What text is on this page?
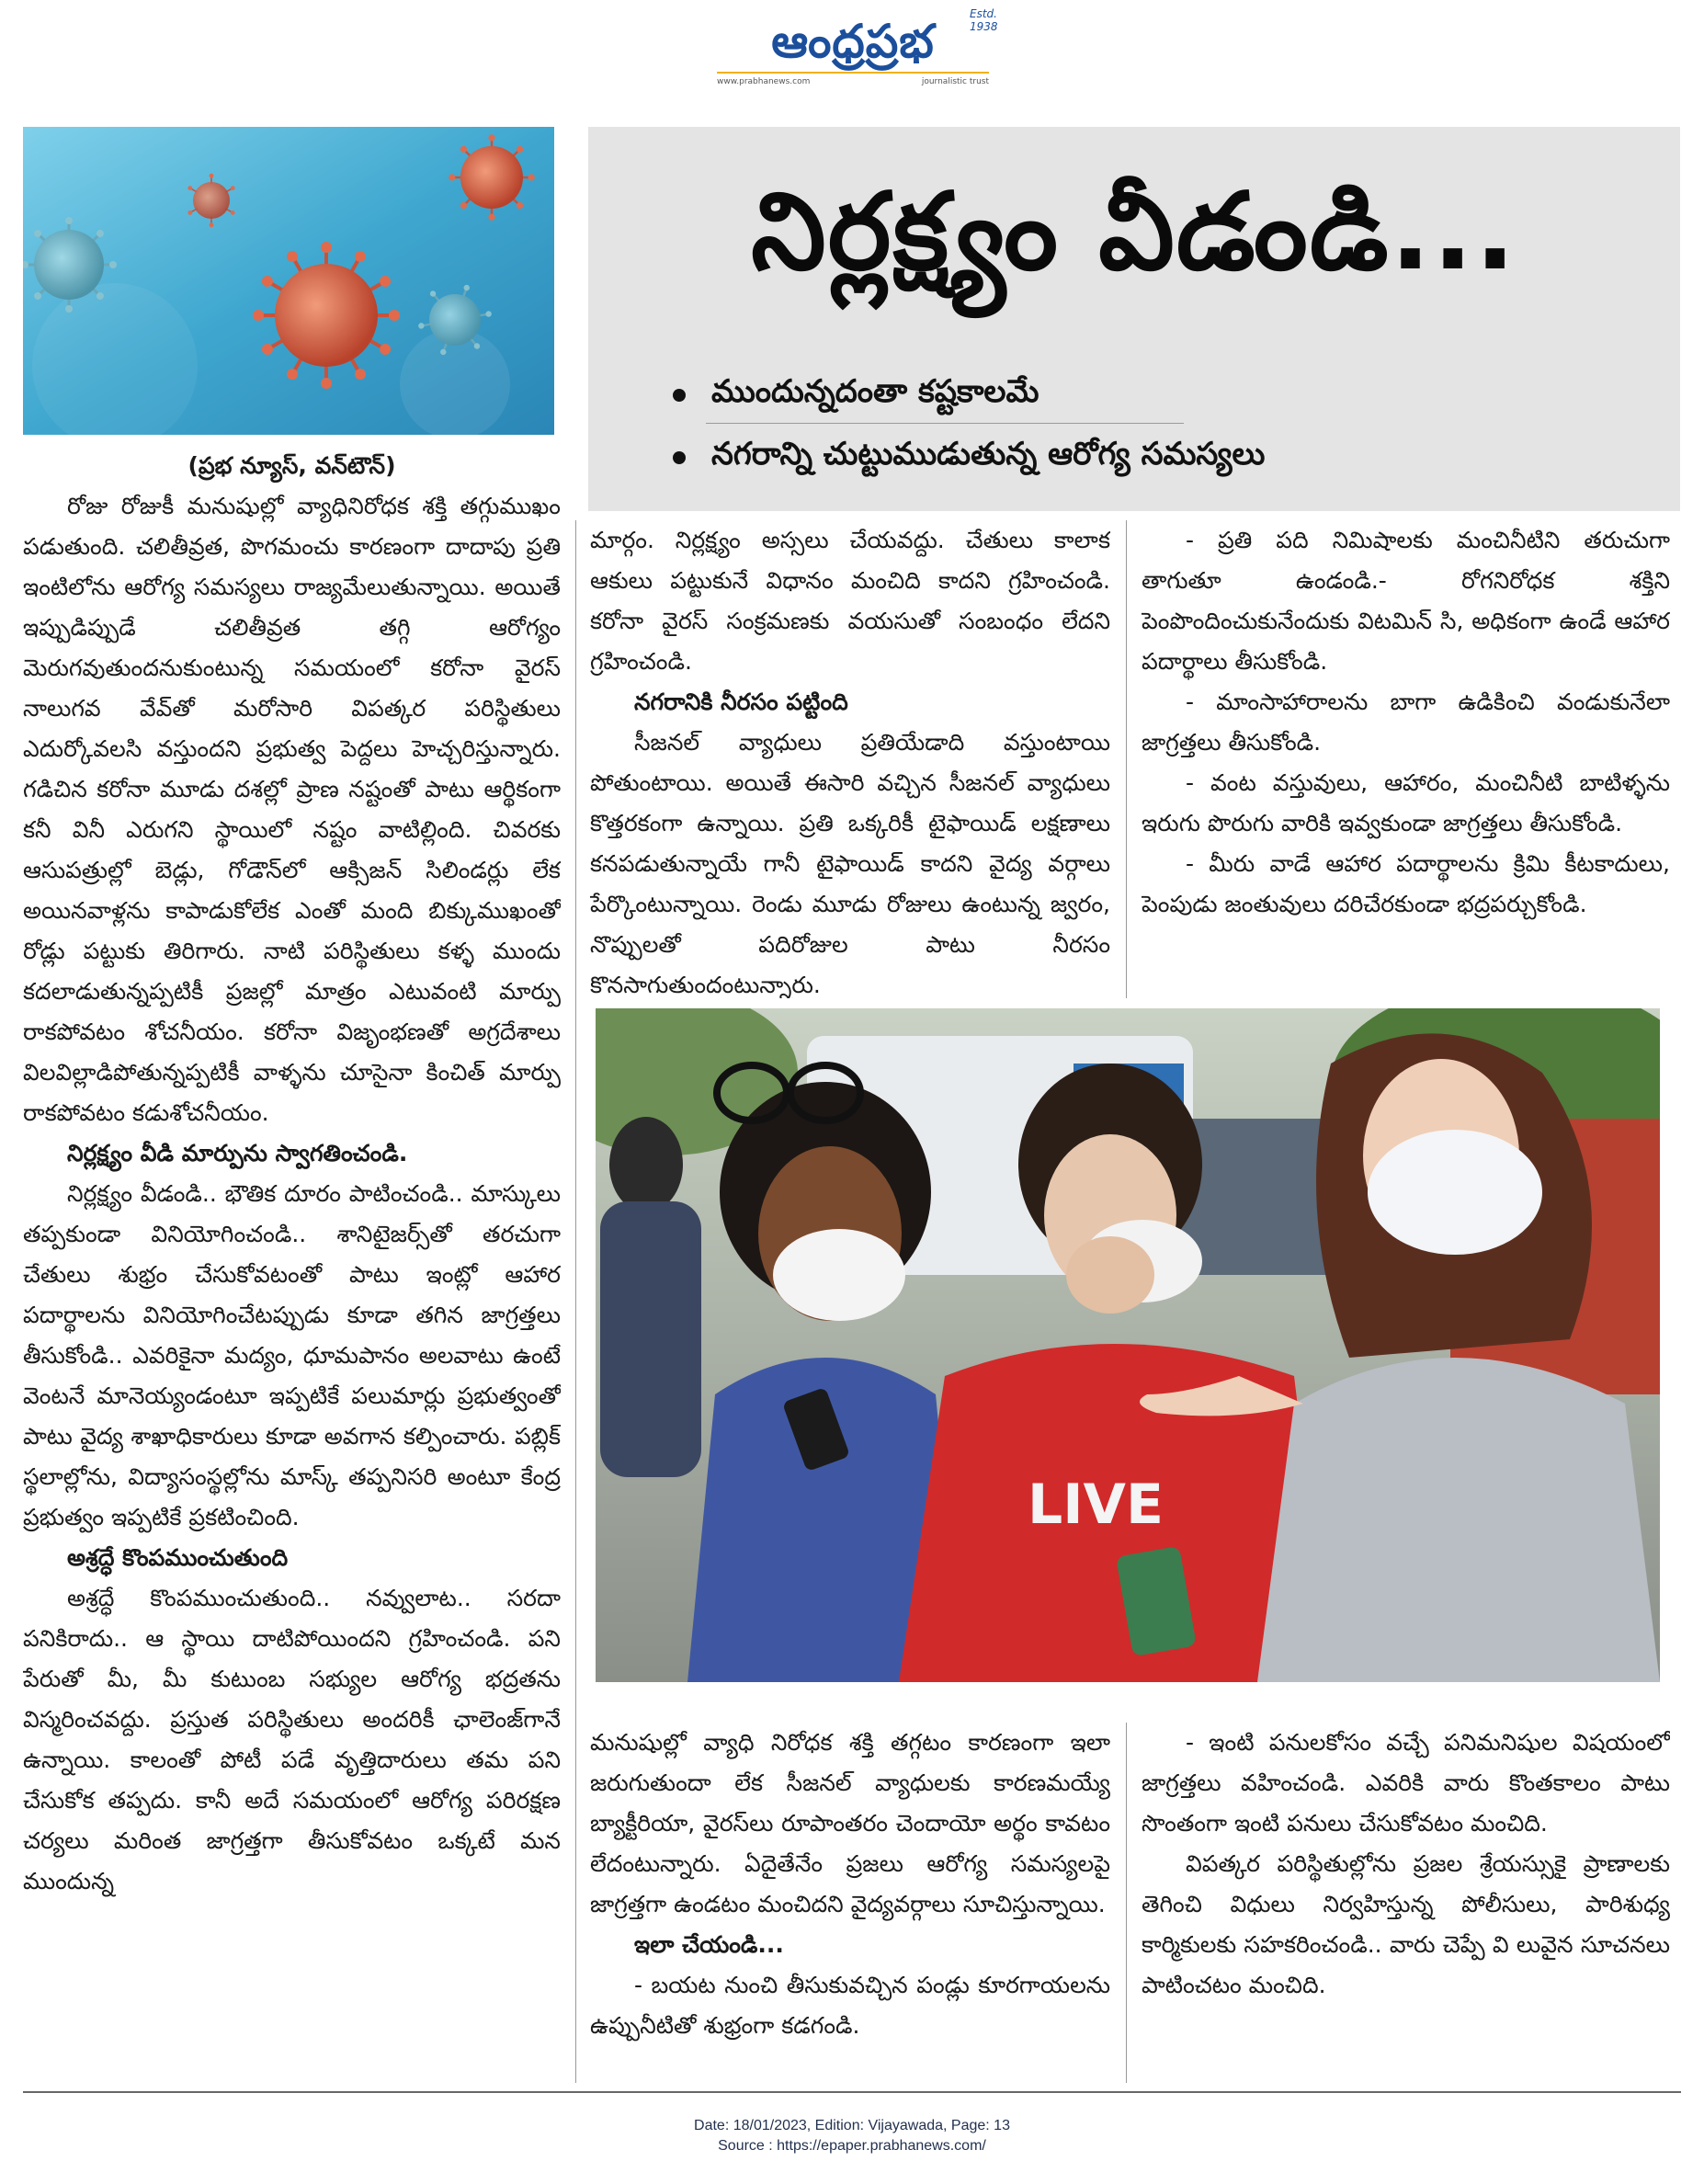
ఆంధ్రప్రభ
Estd. 1938
www.prabhanews.com	journalistic trust
నిర్లక్ష్యం వీడండి...
ముందున్నదంతా కష్టకాలమే
నగరాన్ని చుట్టుముడుతున్న ఆరోగ్య సమస్యలు

(ప్రభ న్యూస్, వన్‌టౌన్)

రోజు రోజుకీ మనుషుల్లో వ్యాధినిరోధక శక్తి తగ్గుముఖం పడుతుంది. చలితీవ్రత, పొగమంచు కారణంగా దాదాపు ప్రతి ఇంటిలోను ఆరోగ్య సమస్యలు రాజ్యమేలుతున్నాయి. అయితే ఇప్పుడిప్పుడే చలితీవ్రత తగ్గి ఆరోగ్యం మెరుగవుతుందనుకుంటున్న సమయంలో కరోనా వైరస్ నాలుగవ వేవ్‌తో మరోసారి విపత్కర పరిస్థితులు ఎదుర్కోవలసి వస్తుందని ప్రభుత్వ పెద్దలు హెచ్చరిస్తున్నారు. గడిచిన కరోనా మూడు దశల్లో ప్రాణ నష్టంతో పాటు ఆర్థికంగా కనీ వినీ ఎరుగని స్థాయిలో నష్టం వాటిల్లింది. చివరకు ఆసుపత్రుల్లో బెడ్లు, గోడౌన్‌లో ఆక్సిజన్ సిలిండర్లు లేక అయినవాళ్లను కాపాడుకోలేక ఎంతో మంది బిక్కుముఖంతో రోడ్లు పట్టుకు తిరిగారు. నాటి పరిస్థితులు కళ్ళ ముందు కదలాడుతున్నప్పటికీ ప్రజల్లో మాత్రం ఎటువంటి మార్పు రాకపోవటం శోచనీయం. కరోనా విజృంభణతో అగ్రదేశాలు విలవిల్లాడిపోతున్నప్పటికీ వాళ్ళను చూసైనా కించిత్ మార్పు రాకపోవటం కడుశోచనీయం.

నిర్లక్ష్యం వీడి మార్పును స్వాగతించండి.

నిర్లక్ష్యం వీడండి.. భౌతిక దూరం పాటించండి.. మాస్కులు తప్పకుండా వినియోగించండి.. శానిటైజర్స్‌తో తరచుగా చేతులు శుభ్రం చేసుకోవటంతో పాటు ఇంట్లో ఆహార పదార్థాలను వినియోగించేటప్పుడు కూడా తగిన జాగ్రత్తలు తీసుకోండి.. ఎవరికైనా మద్యం, ధూమపానం అలవాటు ఉంటే వెంటనే మానెయ్యండంటూ ఇప్పటికే పలుమార్లు ప్రభుత్వంతో పాటు వైద్య శాఖాధికారులు కూడా అవగాన కల్పించారు. పబ్లిక్ స్థలాల్లోను, విద్యాసంస్థల్లోను మాస్క్ తప్పనిసరి అంటూ కేంద్ర ప్రభుత్వం ఇప్పటికే ప్రకటించింది.

అశ్రద్ధే కొంపముంచుతుంది

అశ్రద్ధే కొంపముంచుతుంది.. నవ్వులాట.. సరదా పనికిరాదు.. ఆ స్థాయి దాటిపోయిందని గ్రహించండి. పని పేరుతో మీ, మీ కుటుంబ సభ్యుల ఆరోగ్య భద్రతను విస్మరించవద్దు. ప్రస్తుత పరిస్థితులు అందరికీ ఛాలెంజ్‌గానే ఉన్నాయి. కాలంతో పోటీ పడే వృత్తిదారులు తమ పని చేసుకోక తప్పదు. కానీ అదే సమయంలో ఆరోగ్య పరిరక్షణ చర్యలు మరింత జాగ్రత్తగా తీసుకోవటం ఒక్కటే మన ముందున్న

మార్గం. నిర్లక్ష్యం అస్సలు చేయవద్దు. చేతులు కాలాక ఆకులు పట్టుకునే విధానం మంచిది కాదని గ్రహించండి. కరోనా వైరస్ సంక్రమణకు వయసుతో సంబంధం లేదని గ్రహించండి.

నగరానికి నీరసం పట్టింది

సీజనల్ వ్యాధులు ప్రతియేడాది వస్తుంటాయి పోతుంటాయి. అయితే ఈసారి వచ్చిన సీజనల్ వ్యాధులు కొత్తరకంగా ఉన్నాయి. ప్రతి ఒక్కరికీ టైఫాయిడ్ లక్షణాలు కనపడుతున్నాయే గానీ టైఫాయిడ్ కాదని వైద్య వర్గాలు పేర్కొంటున్నాయి. రెండు మూడు రోజులు ఉంటున్న జ్వరం, నొప్పులతో పదిరోజుల పాటు నీరసం కొనసాగుతుందంటున్నారు.

- ప్రతి పది నిమిషాలకు మంచినీటిని తరుచుగా తాగుతూ ఉండండి.- రోగనిరోధక శక్తిని పెంపొందించుకునేందుకు విటమిన్ సి, అధికంగా ఉండే ఆహార పదార్థాలు తీసుకోండి.

- మాంసాహారాలను బాగా ఉడికించి వండుకునేలా జాగ్రత్తలు తీసుకోండి.

- వంట వస్తువులు, ఆహారం, మంచినీటి బాటిళ్ళను ఇరుగు పొరుగు వారికి ఇవ్వకుండా జాగ్రత్తలు తీసుకోండి.

- మీరు వాడే ఆహార పదార్థాలను క్రిమి కీటకాదులు, పెంపుడు జంతువులు దరిచేరకుండా భద్రపర్చుకోండి.

LIVE

మనుషుల్లో వ్యాధి నిరోధక శక్తి తగ్గటం కారణంగా ఇలా జరుగుతుందా లేక సీజనల్ వ్యాధులకు కారణమయ్యే బ్యాక్టీరియా, వైరస్‌లు రూపాంతరం చెందాయో అర్థం కావటం లేదంటున్నారు. ఏదైతేనేం ప్రజలు ఆరోగ్య సమస్యలపై జాగ్రత్తగా ఉండటం మంచిదని వైద్యవర్గాలు సూచిస్తున్నాయి.

ఇలా చేయండి...

- బయట నుంచి తీసుకువచ్చిన పండ్లు కూరగాయలను ఉప్పునీటితో శుభ్రంగా కడగండి.

- ఇంటి పనులకోసం వచ్చే పనిమనిషుల విషయంలో జాగ్రత్తలు వహించండి. ఎవరికి వారు కొంతకాలం పాటు సొంతంగా ఇంటి పనులు చేసుకోవటం మంచిది.

విపత్కర పరిస్థితుల్లోను ప్రజల శ్రేయస్సుకై ప్రాణాలకు తెగించి విధులు నిర్వహిస్తున్న పోలీసులు, పారిశుధ్య కార్మికులకు సహకరించండి.. వారు చెప్పే వి లువైన సూచనలు పాటించటం మంచిది.

Date: 18/01/2023, Edition: Vijayawada, Page: 13
Source : https://epaper.prabhanews.com/
